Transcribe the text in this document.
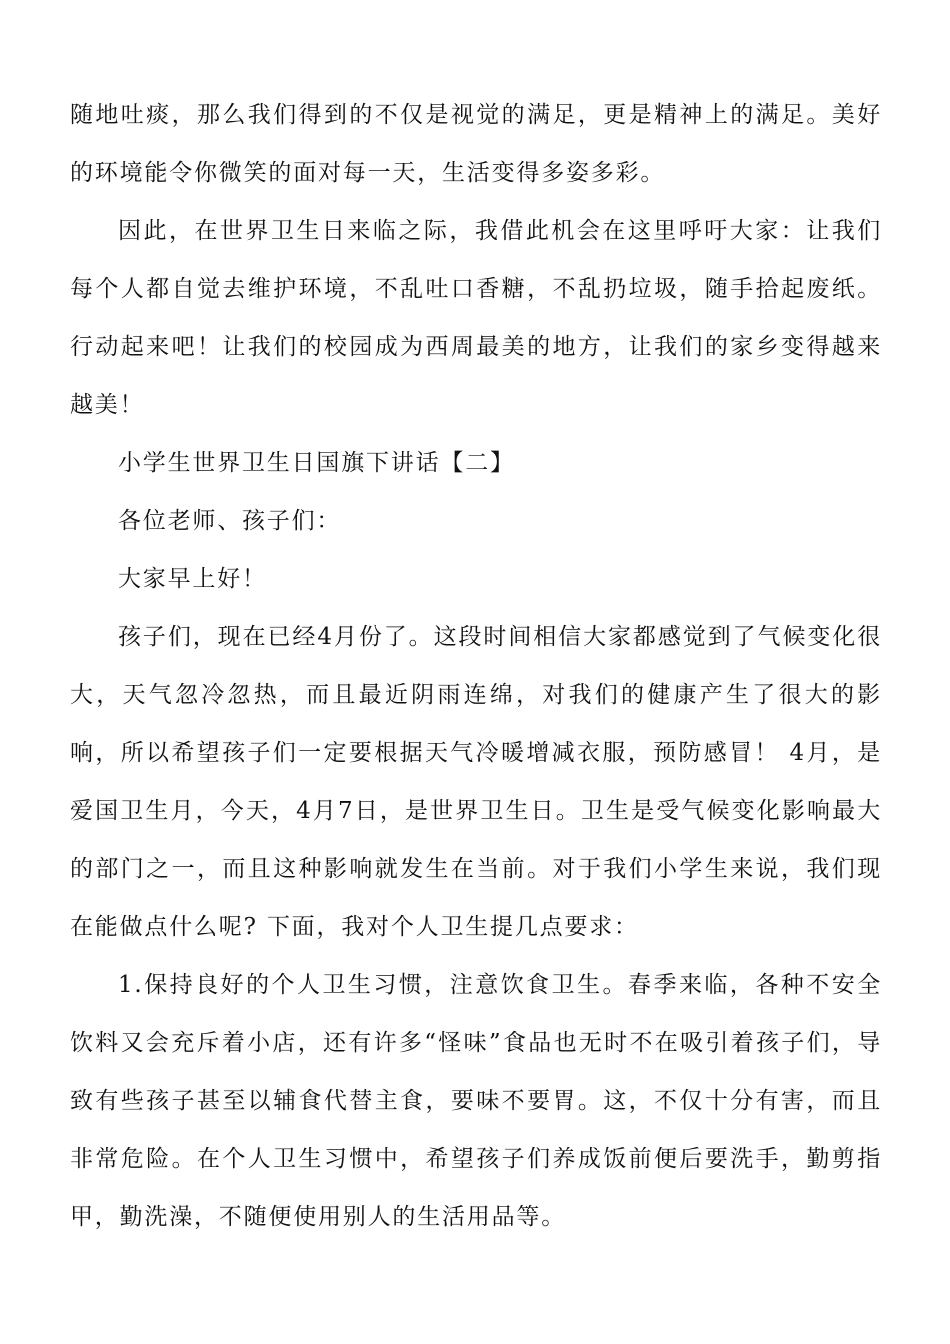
随地吐痰，那么我们得到的不仅是视觉的满足，更是精神上的满足。美好的环境能令你微笑的面对每一天，生活变得多姿多彩。

因此，在世界卫生日来临之际，我借此机会在这里呼吁大家：让我们每个人都自觉去维护环境，不乱吐口香糖，不乱扔垃圾，随手拾起废纸。行动起来吧！让我们的校园成为西周最美的地方，让我们的家乡变得越来越美！

小学生世界卫生日国旗下讲话【二】

各位老师、孩子们：

大家早上好！

孩子们，现在已经4月份了。这段时间相信大家都感觉到了气候变化很大，天气忽冷忽热，而且最近阴雨连绵，对我们的健康产生了很大的影响，所以希望孩子们一定要根据天气冷暖增减衣服，预防感冒！ 4月，是爱国卫生月，今天，4月7日，是世界卫生日。卫生是受气候变化影响最大的部门之一，而且这种影响就发生在当前。对于我们小学生来说，我们现在能做点什么呢? 下面，我对个人卫生提几点要求：

1.保持良好的个人卫生习惯，注意饮食卫生。春季来临，各种不安全饮料又会充斥着小店，还有许多“怪味”食品也无时不在吸引着孩子们，导致有些孩子甚至以辅食代替主食，要味不要胃。这，不仅十分有害，而且非常危险。在个人卫生习惯中，希望孩子们养成饭前便后要洗手，勤剪指甲，勤洗澡，不随便使用别人的生活用品等。
